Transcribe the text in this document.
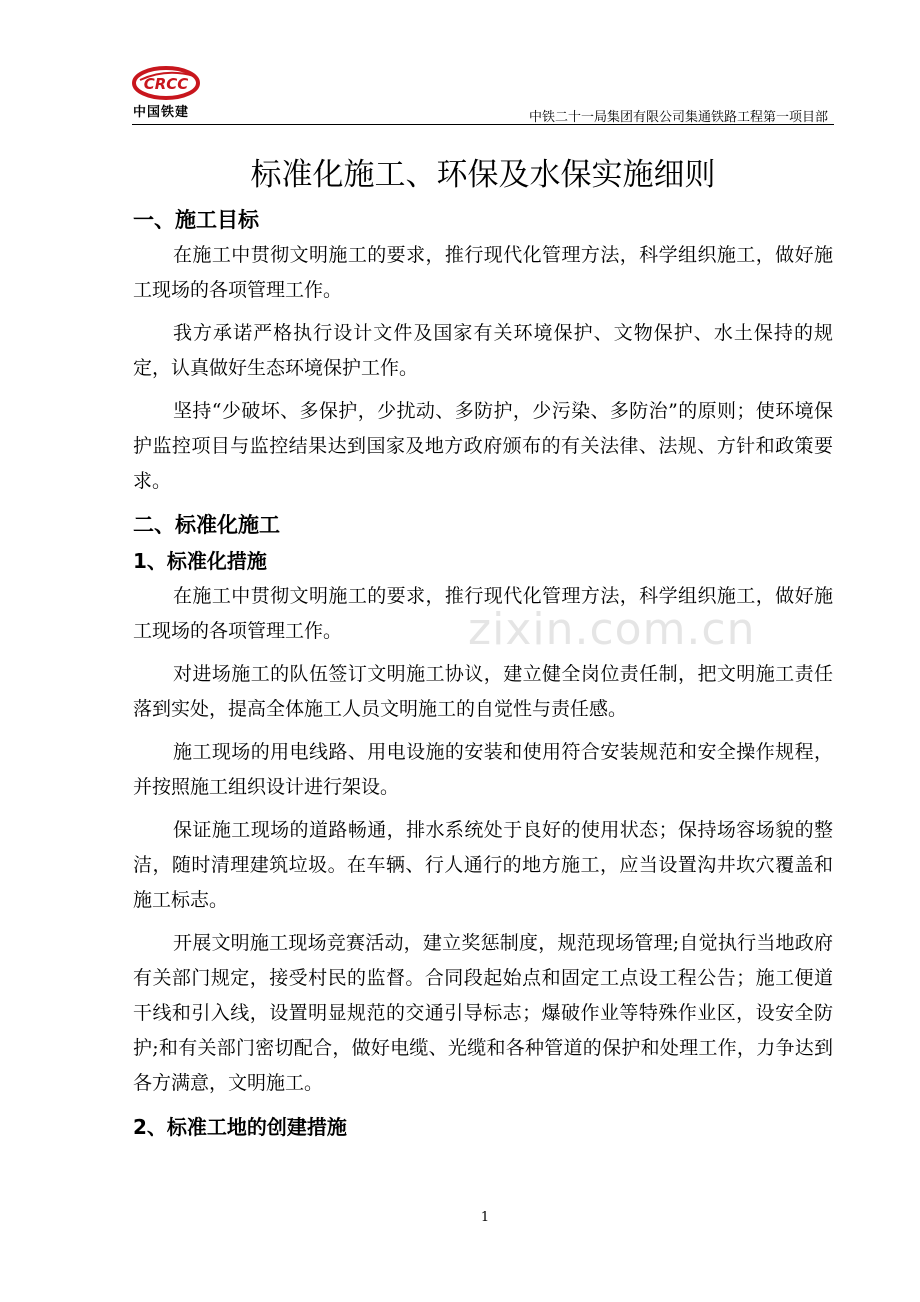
CRCC
中国铁建	中铁二十一局集团有限公司集通铁路工程第一项目部
zixin.com.cn
标准化施工、环保及水保实施细则
一、施工目标

在施工中贯彻文明施工的要求，推行现代化管理方法，科学组织施工，做好施工现场的各项管理工作。

我方承诺严格执行设计文件及国家有关环境保护、文物保护、水土保持的规定，认真做好生态环境保护工作。

坚持“少破坏、多保护，少扰动、多防护，少污染、多防治”的原则；使环境保护监控项目与监控结果达到国家及地方政府颁布的有关法律、法规、方针和政策要求。

二、标准化施工
1、标准化措施

在施工中贯彻文明施工的要求，推行现代化管理方法，科学组织施工，做好施工现场的各项管理工作。

对进场施工的队伍签订文明施工协议，建立健全岗位责任制，把文明施工责任落到实处，提高全体施工人员文明施工的自觉性与责任感。

施工现场的用电线路、用电设施的安装和使用符合安装规范和安全操作规程，并按照施工组织设计进行架设。

保证施工现场的道路畅通，排水系统处于良好的使用状态；保持场容场貌的整洁，随时清理建筑垃圾。在车辆、行人通行的地方施工，应当设置沟井坎穴覆盖和施工标志。

开展文明施工现场竞赛活动，建立奖惩制度，规范现场管理;自觉执行当地政府有关部门规定，接受村民的监督。合同段起始点和固定工点设工程公告；施工便道干线和引入线，设置明显规范的交通引导标志；爆破作业等特殊作业区，设安全防护;和有关部门密切配合，做好电缆、光缆和各种管道的保护和处理工作，力争达到各方满意，文明施工。

2、标准工地的创建措施
1
